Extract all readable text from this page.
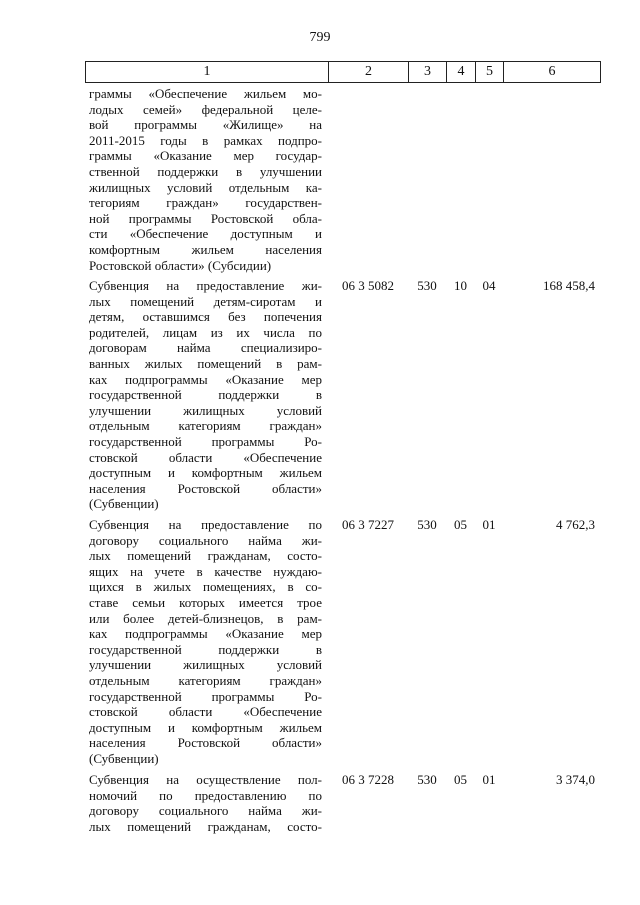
799
1	2	3	4	5	6
граммы «Обеспечение жильем мо-
лодых семей» федеральной целе-
вой программы «Жилище» на
2011-2015 годы в рамках подпро-
граммы «Оказание мер государ-
ственной поддержки в улучшении
жилищных условий отдельным ка-
тегориям граждан» государствен-
ной программы Ростовской обла-
сти «Обеспечение доступным и
комфортным жильем населения
Ростовской области» (Субсидии)
Субвенция на предоставление жи-
лых помещений детям-сиротам и
детям, оставшимся без попечения
родителей, лицам из их числа по
договорам найма специализиро-
ванных жилых помещений в рам-
ках подпрограммы «Оказание мер
государственной поддержки в
улучшении жилищных условий
отдельным категориям граждан»
государственной программы Ро-
стовской области «Обеспечение
доступным и комфортным жильем
населения Ростовской области»
(Субвенции)
06 3 5082	530	10	04	168 458,4
Субвенция на предоставление по
договору социального найма жи-
лых помещений гражданам, состо-
ящих на учете в качестве нуждаю-
щихся в жилых помещениях, в со-
ставе семьи которых имеется трое
или более детей-близнецов, в рам-
ках подпрограммы «Оказание мер
государственной поддержки в
улучшении жилищных условий
отдельным категориям граждан»
государственной программы Ро-
стовской области «Обеспечение
доступным и комфортным жильем
населения Ростовской области»
(Субвенции)
06 3 7227	530	05	01	4 762,3
Субвенция на осуществление пол-
номочий по предоставлению по
договору социального найма жи-
лых помещений гражданам, состо-
06 3 7228	530	05	01	3 374,0
